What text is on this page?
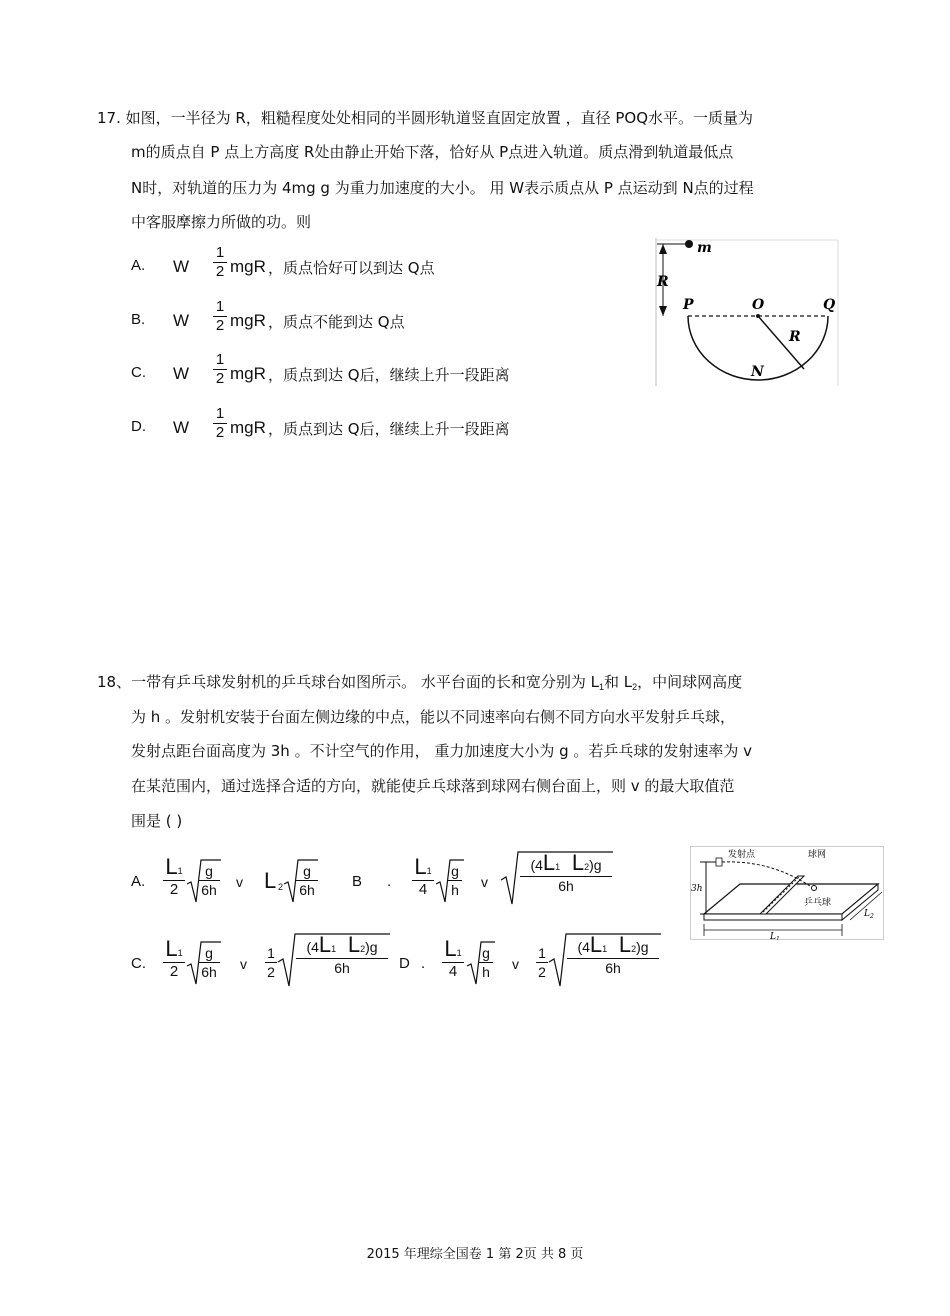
17. 如图，一半径为 R，粗糙程度处处相同的半圆形轨道竖直固定放置 ，直径 POQ水平。一质量为
m的质点自 P 点上方高度 R处由静止开始下落，恰好从 P点进入轨道。质点滑到轨道最低点
N时，对轨道的压力为 4mg g 为重力加速度的大小。 用 W表示质点从 P 点运动到 N点的过程
中客服摩擦力所做的功。则
A. W $\frac{1}{2}$ mgR ，质点恰好可以到达 Q点
B. W $\frac{1}{2}$ mgR ，质点不能到达 Q点
C. W $\frac{1}{2}$ mgR ，质点到达 Q后，继续上升一段距离
D. W $\frac{1}{2}$ mgR ，质点到达 Q后，继续上升一段距离
m
R
P	O	Q
R
N
18、一带有乒乓球发射机的乒乓球台如图所示。 水平台面的长和宽分别为 $L_1$和 $L_2$，中间球网高度
为 h 。发射机安装于台面左侧边缘的中点，能以不同速率向右侧不同方向水平发射乒乓球，
发射点距台面高度为 3h 。不计空气的作用， 重力加速度大小为 g 。若乒乓球的发射速率为 v
在某范围内，通过选择合适的方向，就能使乒乓球落到球网右侧台面上，则 v 的最大取值范
围是 ( )
A. $\frac{L1}{2} \frac{g}{6h}$ v L $2 \frac{g}{6h}$ B . $\frac{L1}{4} \frac{g}{h}$ v $\frac{(4L1 L2)g}{6h}$
C. $\frac{L1}{2} \frac{g}{6h}$ v $\frac{1}{2} \frac{(4L1 L2)g}{6h}$ D . $\frac{L1}{4} \frac{g}{h}$ v $\frac{1}{2} \frac{(4L1 L2)g}{6h}$
发射点	球网
乒乓球
3h
$L_1$
$L_2$
2015 年理综全国卷 1 第 2页 共 8 页
